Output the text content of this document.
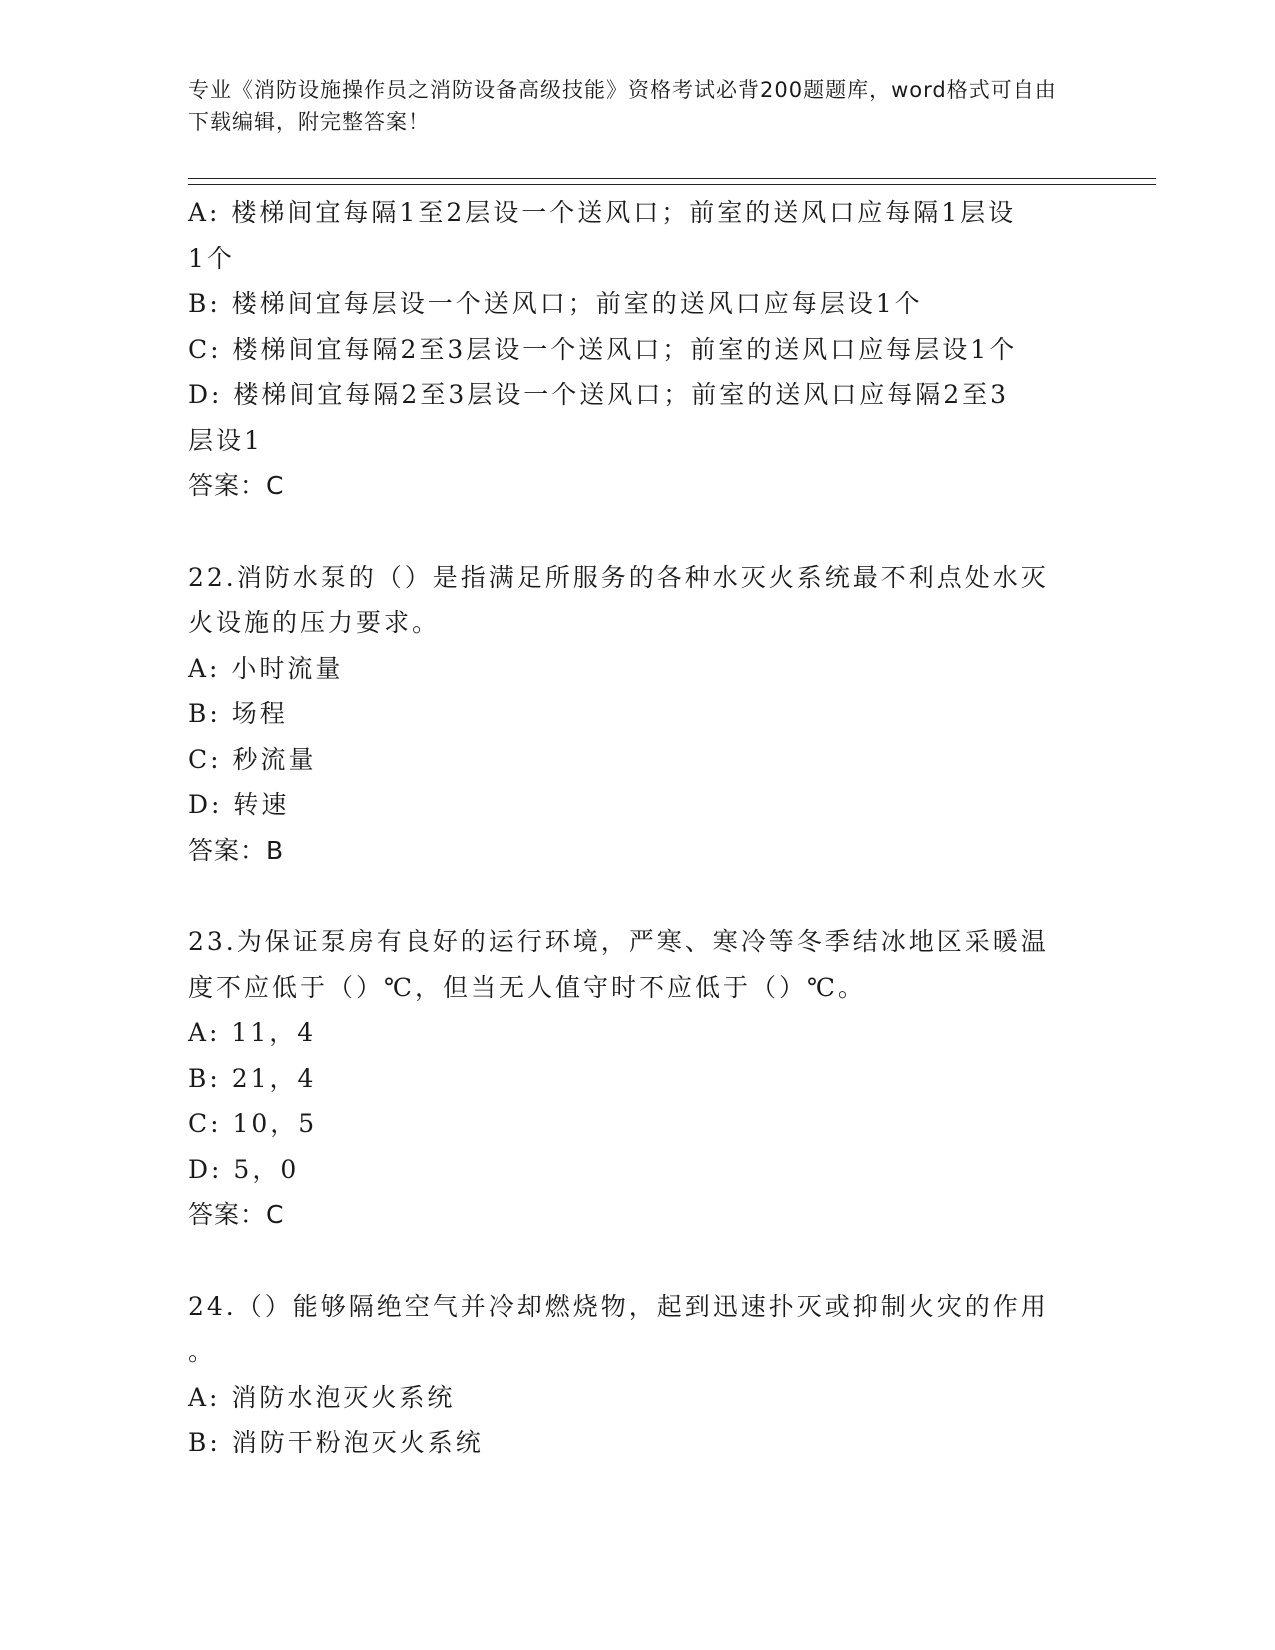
专业《消防设施操作员之消防设备高级技能》资格考试必背200题题库，word格式可自由下载编辑，附完整答案！
A: 楼梯间宜每隔1至2层设一个送风口；前室的送风口应每隔1层设
1个
B: 楼梯间宜每层设一个送风口；前室的送风口应每层设1个
C: 楼梯间宜每隔2至3层设一个送风口；前室的送风口应每层设1个
D: 楼梯间宜每隔2至3层设一个送风口；前室的送风口应每隔2至3
层设1
答案：C
22.消防水泵的（）是指满足所服务的各种水灭火系统最不利点处水灭
火设施的压力要求。
A: 小时流量
B: 场程
C: 秒流量
D: 转速
答案：B
23.为保证泵房有良好的运行环境，严寒、寒冷等冬季结冰地区采暖温
度不应低于（）℃，但当无人值守时不应低于（）℃。
A: 11，4
B: 21，4
C: 10，5
D: 5，0
答案：C
24.（）能够隔绝空气并冷却燃烧物，起到迅速扑灭或抑制火灾的作用
。
A: 消防水泡灭火系统
B: 消防干粉泡灭火系统
